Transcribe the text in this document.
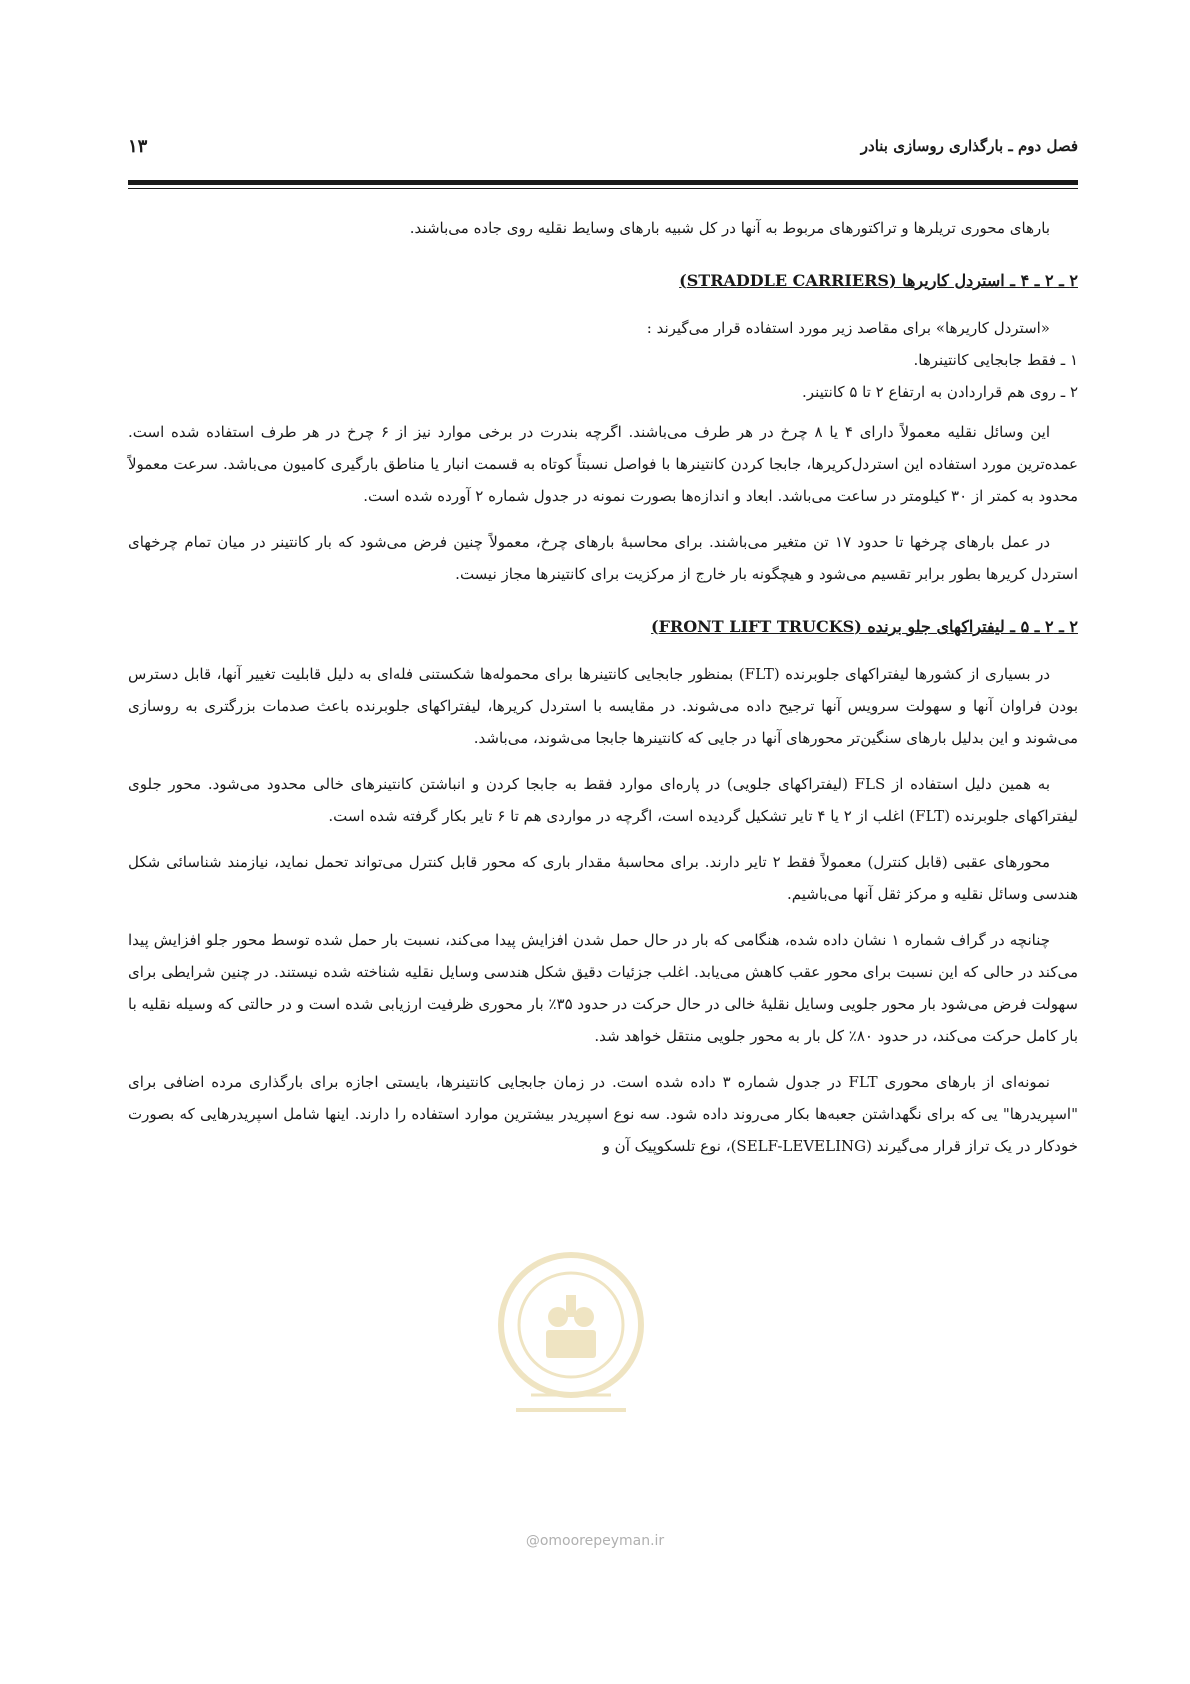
فصل دوم ـ بارگذاری روسازی بنادر
۱۳

بارهای محوری تریلرها و تراکتورهای مربوط به آنها در کل شبیه بارهای وسایط نقلیه روی جاده می‌باشند.

۲ ـ ۲ ـ ۴ ـ استردل کاریرها (STRADDLE CARRIERS)

«استردل کاریرها» برای مقاصد زیر مورد استفاده قرار می‌گیرند :

۱ ـ فقط جابجایی کانتینرها.

۲ ـ روی هم قراردادن به ارتفاع ۲ تا ۵ کانتینر.

این وسائل نقلیه معمولاً دارای ۴ یا ۸ چرخ در هر طرف می‌باشند. اگرچه بندرت در برخی موارد نیز از ۶ چرخ در هر طرف استفاده شده است. عمده‌ترین مورد استفاده این استردل‌کریرها، جابجا کردن کانتینرها با فواصل نسبتاً کوتاه به قسمت انبار یا مناطق بارگیری کامیون می‌باشد. سرعت معمولاً محدود به کمتر از ۳۰ کیلومتر در ساعت می‌باشد. ابعاد و اندازه‌ها بصورت نمونه در جدول شماره ۲ آورده شده است.

در عمل بارهای چرخها تا حدود ۱۷ تن متغیر می‌باشند. برای محاسبهٔ بارهای چرخ، معمولاً چنین فرض می‌شود که بار کانتینر در میان تمام چرخهای استردل کریرها بطور برابر تقسیم می‌شود و هیچگونه بار خارج از مرکزیت برای کانتینرها مجاز نیست.

۲ ـ ۲ ـ ۵ ـ لیفتراکهای جلو برنده (FRONT LIFT TRUCKS)

در بسیاری از کشورها لیفتراکهای جلوبرنده (FLT) بمنظور جابجایی کانتینرها برای محموله‌ها شکستنی فله‌ای به دلیل قابلیت تغییر آنها، قابل دسترس بودن فراوان آنها و سهولت سرویس آنها ترجیح داده می‌شوند. در مقایسه با استردل کریرها، لیفتراکهای جلوبرنده باعث صدمات بزرگتری به روسازی می‌شوند و این بدلیل بارهای سنگین‌تر محورهای آنها در جایی که کانتینرها جابجا می‌شوند، می‌باشد.

به همین دلیل استفاده از FLS (لیفتراکهای جلویی) در پاره‌ای موارد فقط به جابجا کردن و انباشتن کانتینرهای خالی محدود می‌شود. محور جلوی لیفتراکهای جلوبرنده (FLT) اغلب از ۲ یا ۴ تایر تشکیل گردیده است، اگرچه در مواردی هم تا ۶ تایر بکار گرفته شده است.

محورهای عقبی (قابل کنترل) معمولاً فقط ۲ تایر دارند. برای محاسبهٔ مقدار باری که محور قابل کنترل می‌تواند تحمل نماید، نیازمند شناسائی شکل هندسی وسائل نقلیه و مرکز ثقل آنها می‌باشیم.

چنانچه در گراف شماره ۱ نشان داده شده، هنگامی که بار در حال حمل شدن افزایش پیدا می‌کند، نسبت بار حمل شده توسط محور جلو افزایش پیدا می‌کند در حالی که این نسبت برای محور عقب کاهش می‌یابد. اغلب جزئیات دقیق شکل هندسی وسایل نقلیه شناخته شده نیستند. در چنین شرایطی برای سهولت فرض می‌شود بار محور جلویی وسایل نقلیهٔ خالی در حال حرکت در حدود ۳۵٪ بار محوری ظرفیت ارزیابی شده است و در حالتی که وسیله نقلیه با بار کامل حرکت می‌کند، در حدود ۸۰٪ کل بار به محور جلویی منتقل خواهد شد.

نمونه‌ای از بارهای محوری FLT در جدول شماره ۳ داده شده است. در زمان جابجایی کانتینرها، بایستی اجازه برای بارگذاری مرده اضافی برای "اسپریدرها" یی که برای نگهداشتن جعبه‌ها بکار می‌روند داده شود. سه نوع اسپریدر بیشترین موارد استفاده را دارند. اینها شامل اسپریدرهایی که بصورت خودکار در یک تراز قرار می‌گیرند (SELF-LEVELING)، نوع تلسکوپیک آن و

@omoorepeyman.ir
